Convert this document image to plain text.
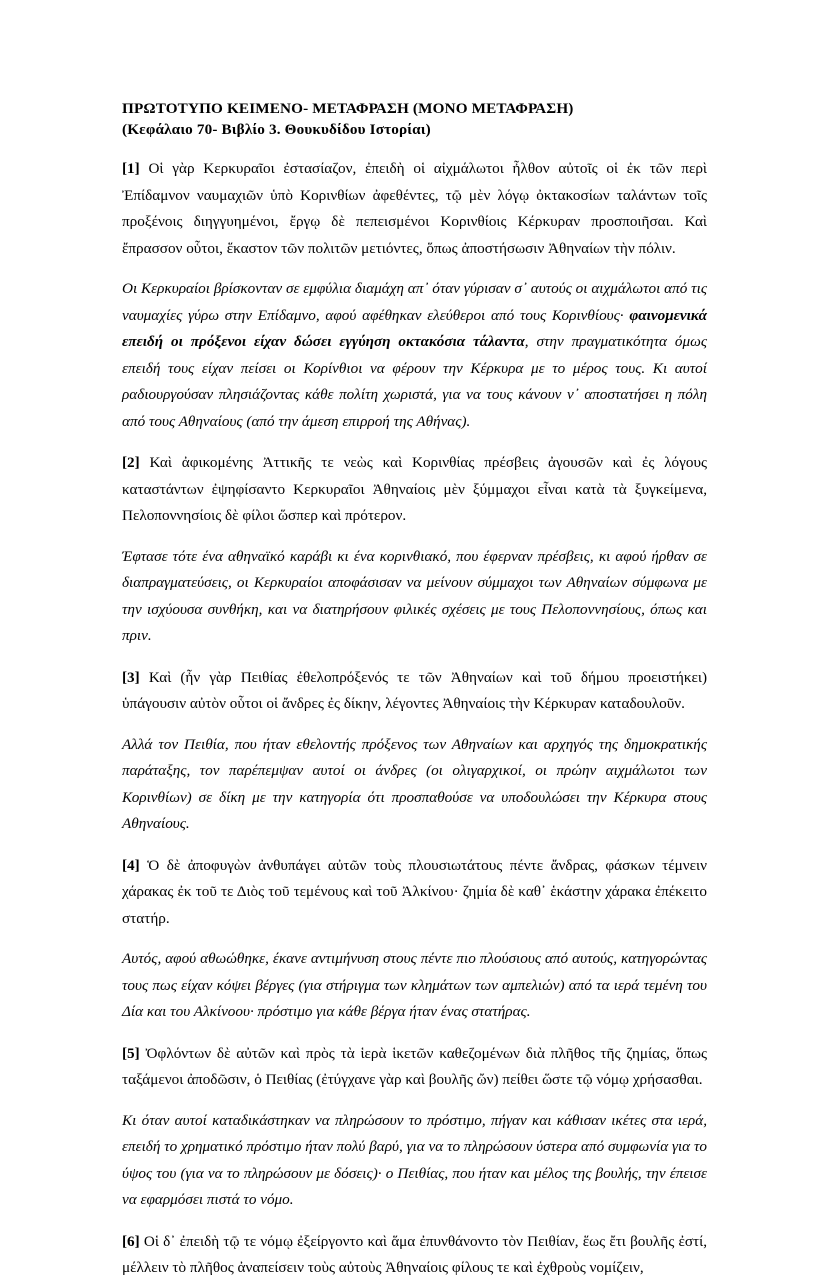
ΠΡΩΤΟΤΥΠΟ ΚΕΙΜΕΝΟ- ΜΕΤΑΦΡΑΣΗ (ΜΟΝΟ ΜΕΤΑΦΡΑΣΗ)
(Κεφάλαιο 70- Βιβλίο 3. Θουκυδίδου Ιστορίαι)

[1] Οἱ γὰρ Κερκυραῖοι ἐστασίαζον, ἐπειδὴ οἱ αἰχμάλωτοι ἦλθον αὐτοῖς οἱ ἐκ τῶν περὶ Ἐπίδαμνον ναυμαχιῶν ὑπὸ Κορινθίων ἀφεθέντες, τῷ μὲν λόγῳ ὀκτακοσίων ταλάντων τοῖς προξένοις διηγγυημένοι, ἔργῳ δὲ πεπεισμένοι Κορινθίοις Κέρκυραν προσποιῆσαι. Καὶ ἔπρασσον οὗτοι, ἕκαστον τῶν πολιτῶν μετιόντες, ὅπως ἀποστήσωσιν Ἀθηναίων τὴν πόλιν.

Οι Κερκυραίοι βρίσκονταν σε εμφύλια διαμάχη απ᾽ όταν γύρισαν σ᾽ αυτούς οι αιχμάλωτοι από τις ναυμαχίες γύρω στην Επίδαμνο, αφού αφέθηκαν ελεύθεροι από τους Κορινθίους· φαινομενικά επειδή οι πρόξενοι είχαν δώσει εγγύηση οκτακόσια τάλαντα, στην πραγματικότητα όμως επειδή τους είχαν πείσει οι Κορίνθιοι να φέρουν την Κέρκυρα με το μέρος τους. Κι αυτοί ραδιουργούσαν πλησιάζοντας κάθε πολίτη χωριστά, για να τους κάνουν ν᾽ αποστατήσει η πόλη από τους Αθηναίους (από την άμεση επιρροή της Αθήνας).

[2] Καὶ ἀφικομένης Ἀττικῆς τε νεὼς καὶ Κορινθίας πρέσβεις ἀγουσῶν καὶ ἐς λόγους καταστάντων ἐψηφίσαντο Κερκυραῖοι Ἀθηναίοις μὲν ξύμμαχοι εἶναι κατὰ τὰ ξυγκείμενα, Πελοποννησίοις δὲ φίλοι ὥσπερ καὶ πρότερον.

Έφτασε τότε ένα αθηναϊκό καράβι κι ένα κορινθιακό, που έφερναν πρέσβεις, κι αφού ήρθαν σε διαπραγματεύσεις, οι Κερκυραίοι αποφάσισαν να μείνουν σύμμαχοι των Αθηναίων σύμφωνα με την ισχύουσα συνθήκη, και να διατηρήσουν φιλικές σχέσεις με τους Πελοποννησίους, όπως και πριν.

[3] Καὶ (ἦν γὰρ Πειθίας ἐθελοπρόξενός τε τῶν Ἀθηναίων καὶ τοῦ δήμου προειστήκει) ὑπάγουσιν αὐτὸν οὗτοι οἱ ἄνδρες ἐς δίκην, λέγοντες Ἀθηναίοις τὴν Κέρκυραν καταδουλοῦν.

Αλλά τον Πειθία, που ήταν εθελοντής πρόξενος των Αθηναίων και αρχηγός της δημοκρατικής παράταξης, τον παρέπεμψαν αυτοί οι άνδρες (οι ολιγαρχικοί, οι πρώην αιχμάλωτοι των Κορινθίων) σε δίκη με την κατηγορία ότι προσπαθούσε να υποδουλώσει την Κέρκυρα στους Αθηναίους.

[4] Ὁ δὲ ἀποφυγὼν ἀνθυπάγει αὐτῶν τοὺς πλουσιωτάτους πέντε ἄνδρας, φάσκων τέμνειν χάρακας ἐκ τοῦ τε Διὸς τοῦ τεμένους καὶ τοῦ Ἀλκίνου· ζημία δὲ καθ᾽ ἑκάστην χάρακα ἐπέκειτο στατήρ.

Αυτός, αφού αθωώθηκε, έκανε αντιμήνυση στους πέντε πιο πλούσιους από αυτούς, κατηγορώντας τους πως είχαν κόψει βέργες (για στήριγμα των κλημάτων των αμπελιών) από τα ιερά τεμένη του Δία και του Αλκίνοου· πρόστιμο για κάθε βέργα ήταν ένας στατήρας.

[5] Ὀφλόντων δὲ αὐτῶν καὶ πρὸς τὰ ἱερὰ ἱκετῶν καθεζομένων διὰ πλῆθος τῆς ζημίας, ὅπως ταξάμενοι ἀποδῶσιν, ὁ Πειθίας (ἐτύγχανε γὰρ καὶ βουλῆς ὤν) πείθει ὥστε τῷ νόμῳ χρήσασθαι.

Κι όταν αυτοί καταδικάστηκαν να πληρώσουν το πρόστιμο, πήγαν και κάθισαν ικέτες στα ιερά, επειδή το χρηματικό πρόστιμο ήταν πολύ βαρύ, για να το πληρώσουν ύστερα από συμφωνία για το ύψος του (για να το πληρώσουν με δόσεις)· ο Πειθίας, που ήταν και μέλος της βουλής, την έπεισε να εφαρμόσει πιστά το νόμο.

[6] Οἱ δ᾽ ἐπειδὴ τῷ τε νόμῳ ἐξείργοντο καὶ ἅμα ἐπυνθάνοντο τὸν Πειθίαν, ἕως ἔτι βουλῆς ἐστί, μέλλειν τὸ πλῆθος ἀναπείσειν τοὺς αὐτοὺς Ἀθηναίοις φίλους τε καὶ ἐχθροὺς νομίζειν,
